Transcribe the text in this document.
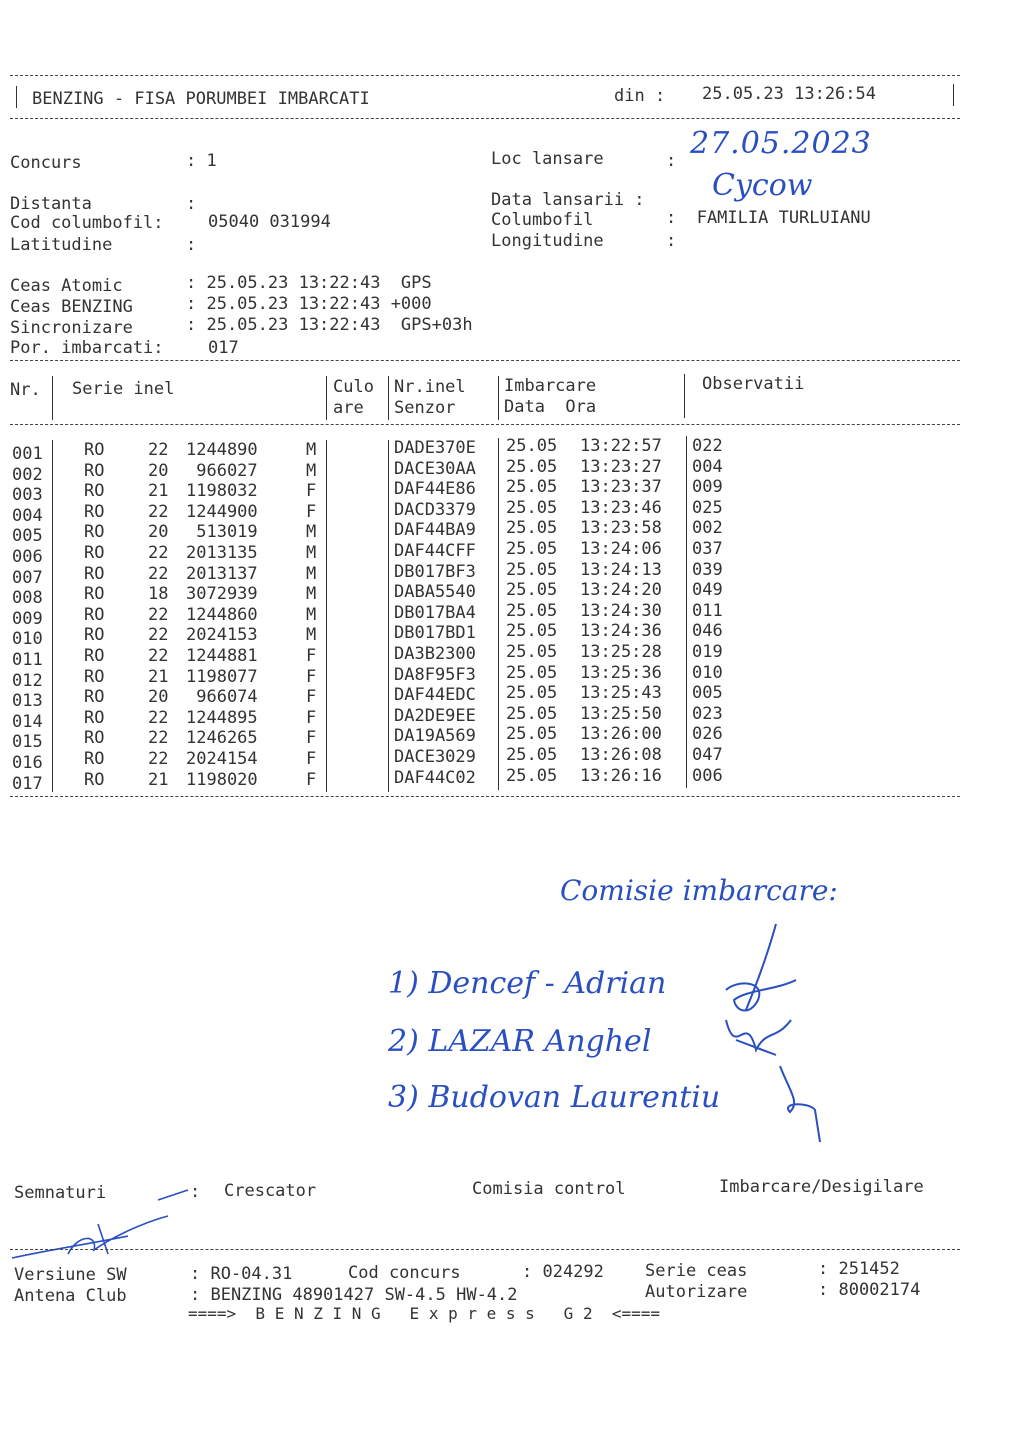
BENZING - FISA PORUMBEI IMBARCATI	din : 25.05.23 13:26:54
Concurs	: 1
Distanta	:
Cod columbofil:	05040 031994
Latitudine	:
Loc lansare	:
Data lansarii :
Columbofil	:  FAMILIA TURLUIANU
Longitudine	:
27.05.2023
Cycow
Ceas Atomic	: 25.05.23 13:22:43  GPS
Ceas BENZING	: 25.05.23 13:22:43 +000
Sincronizare	: 25.05.23 13:22:43  GPS+03h
Por. imbarcati:	017
Nr. Serie inel	Culo
are
Nr.inel
Senzor
Imbarcare
Data  Ora
Observatii
001 RO	22 1244890	M	DADE370E 25.05 13:22:57 022
002 RO	20 966027	M	DACE30AA 25.05 13:23:27 004
003 RO	21 1198032	F	DAF44E86 25.05 13:23:37 009
004 RO	22 1244900	F	DACD3379 25.05 13:23:46 025
005 RO	20 513019	M	DAF44BA9 25.05 13:23:58 002
006 RO	22 2013135	M	DAF44CFF 25.05 13:24:06 037
007 RO	22 2013137	M	DB017BF3 25.05 13:24:13 039
008 RO	18 3072939	M	DABA5540 25.05 13:24:20 049
009 RO	22 1244860	M	DB017BA4 25.05 13:24:30 011
010 RO	22 2024153	M	DB017BD1 25.05 13:24:36 046
011 RO	22 1244881	F	DA3B2300 25.05 13:25:28 019
012 RO	21 1198077	F	DA8F95F3 25.05 13:25:36 010
013 RO	20 966074	F	DAF44EDC 25.05 13:25:43 005
014 RO	22 1244895	F	DA2DE9EE 25.05 13:25:50 023
015 RO	22 1246265	F	DA19A569 25.05 13:26:00 026
016 RO	22 2024154	F	DACE3029 25.05 13:26:08 047
017 RO	21 1198020	F	DAF44C02 25.05 13:26:16 006
Comisie imbarcare:
1) Dencef - Adrian
2) LAZAR Anghel
3) Budovan Laurentiu
Semnaturi	: Crescator	Comisia control	Imbarcare/Desigilare
Versiune SW	: RO-04.31	Cod concurs	: 024292 Serie ceas	: 251452
Antena Club	: BENZING 48901427 SW-4.5 HW-4.2	Autorizare	: 80002174
====>  B E N Z I N G   E x p r e s s   G 2  <====
